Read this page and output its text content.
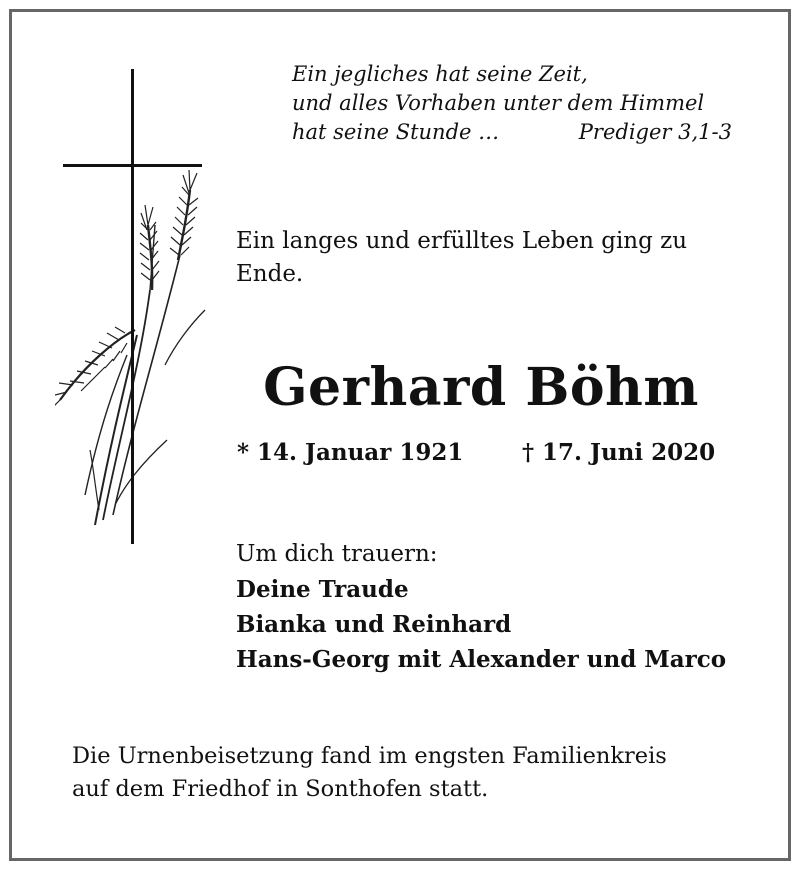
Ein jegliches hat seine Zeit,
und alles Vorhaben unter dem Himmel
hat seine Stunde …	Prediger 3,1-3
Ein langes und erfülltes Leben ging zu
Ende.
Gerhard Böhm
* 14. Januar 1921	† 17. Juni 2020
Um dich trauern:
Deine Traude
Bianka und Reinhard
Hans-Georg mit Alexander und Marco
Die Urnenbeisetzung fand im engsten Familienkreis
auf dem Friedhof in Sonthofen statt.
